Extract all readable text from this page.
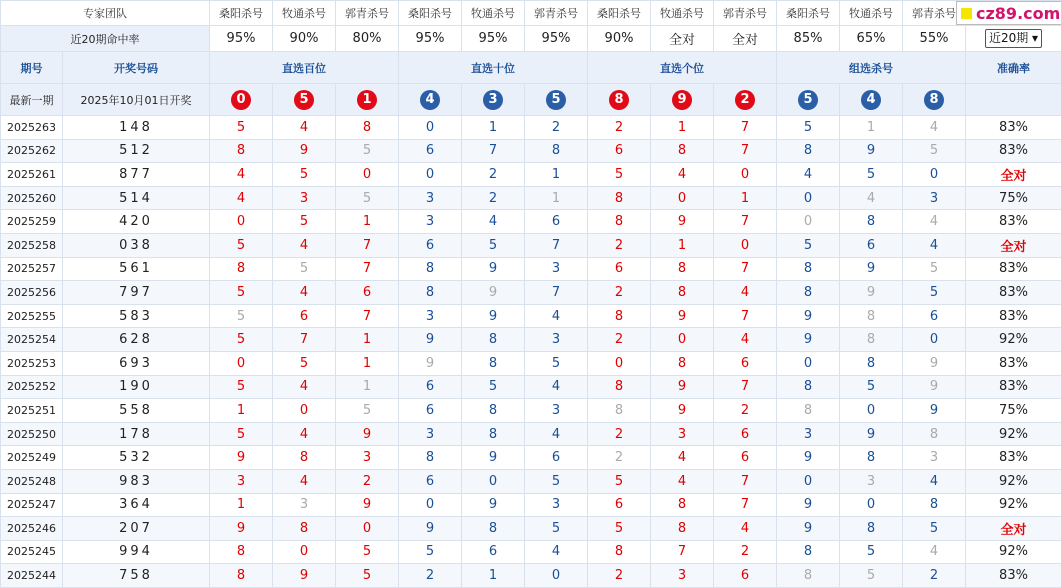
专家团队		桑阳杀号	牧通杀号	郭青杀号	桑阳杀号	牧通杀号	郭青杀号	桑阳杀号	牧通杀号	郭青杀号	桑阳杀号	牧通杀号	郭青杀号	
近20期命中率		95%	90%	80%	95%	95%	95%	90%	全对	全对	85%	65%	55%	近20期 ▾
期号	开奖号码	直选百位			直选十位			直选个位			组选杀号			准确率
最新一期	2025年10月01日开奖	0	5	1	4	3	5	8	9	2	5	4	8	
2025263	148	5	4	8	0	1	2	2	1	7	5	1	4	83%
2025262	512	8	9	5	6	7	8	6	8	7	8	9	5	83%
2025261	877	4	5	0	0	2	1	5	4	0	4	5	0	全对
2025260	514	4	3	5	3	2	1	8	0	1	0	4	3	75%
2025259	420	0	5	1	3	4	6	8	9	7	0	8	4	83%
2025258	038	5	4	7	6	5	7	2	1	0	5	6	4	全对
2025257	561	8	5	7	8	9	3	6	8	7	8	9	5	83%
2025256	797	5	4	6	8	9	7	2	8	4	8	9	5	83%
2025255	583	5	6	7	3	9	4	8	9	7	9	8	6	83%
2025254	628	5	7	1	9	8	3	2	0	4	9	8	0	92%
2025253	693	0	5	1	9	8	5	0	8	6	0	8	9	83%
2025252	190	5	4	1	6	5	4	8	9	7	8	5	9	83%
2025251	558	1	0	5	6	8	3	8	9	2	8	0	9	75%
2025250	178	5	4	9	3	8	4	2	3	6	3	9	8	92%
2025249	532	9	8	3	8	9	6	2	4	6	9	8	3	83%
2025248	983	3	4	2	6	0	5	5	4	7	0	3	4	92%
2025247	364	1	3	9	0	9	3	6	8	7	9	0	8	92%
2025246	207	9	8	0	9	8	5	5	8	4	9	8	5	全对
2025245	994	8	0	5	5	6	4	8	7	2	8	5	4	92%
2025244	758	8	9	5	2	1	0	2	3	6	8	5	2	83%
cz89.com
